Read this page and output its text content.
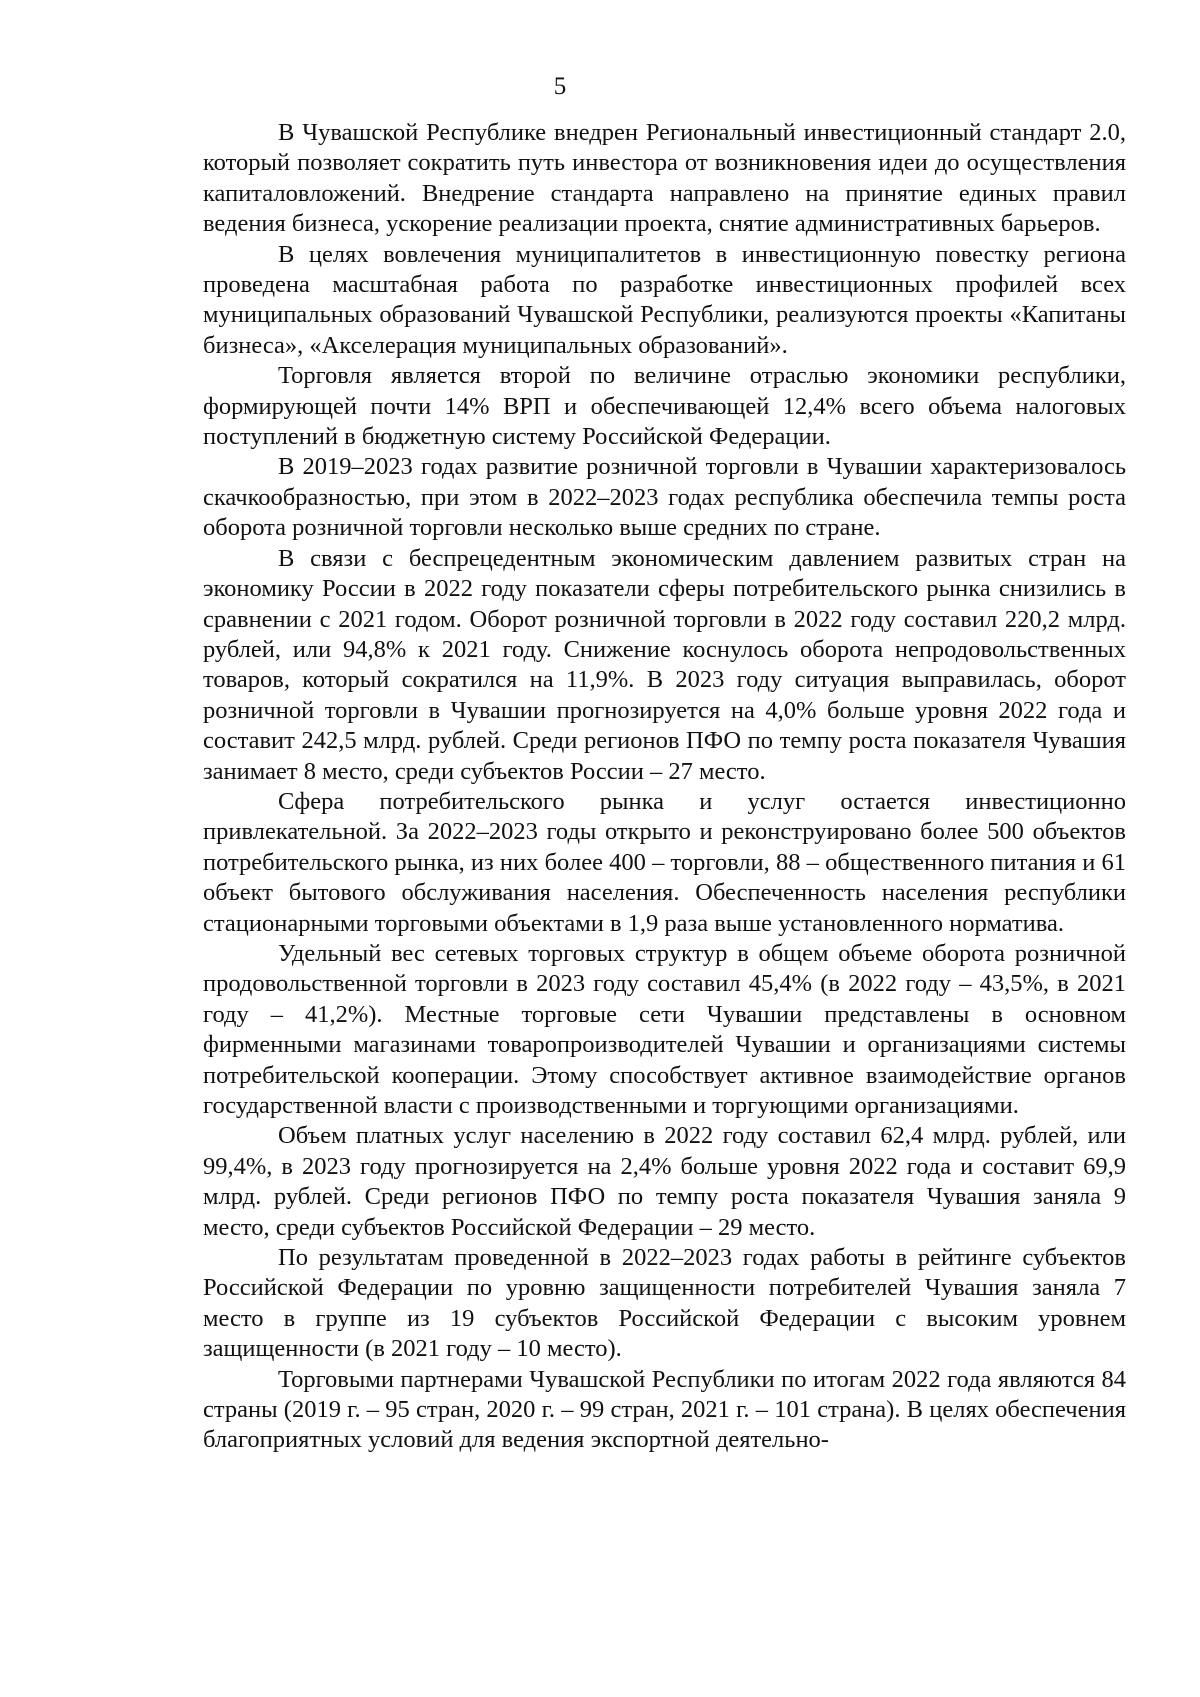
5

В Чувашской Республике внедрен Региональный инвестиционный стандарт 2.0, который позволяет сократить путь инвестора от возникновения идеи до осуществления капиталовложений. Внедрение стандарта направлено на принятие единых правил ведения бизнеса, ускорение реализации проекта, снятие административных барьеров.

В целях вовлечения муниципалитетов в инвестиционную повестку региона проведена масштабная работа по разработке инвестиционных профилей всех муниципальных образований Чувашской Республики, реализуются проекты «Капитаны бизнеса», «Акселерация муниципальных образований».

Торговля является второй по величине отраслью экономики республики, формирующей почти 14% ВРП и обеспечивающей 12,4% всего объема налоговых поступлений в бюджетную систему Российской Федерации.

В 2019–2023 годах развитие розничной торговли в Чувашии характеризовалось скачкообразностью, при этом в 2022–2023 годах республика обеспечила темпы роста оборота розничной торговли несколько выше средних по стране.

В связи с беспрецедентным экономическим давлением развитых стран на экономику России в 2022 году показатели сферы потребительского рынка снизились в сравнении с 2021 годом. Оборот розничной торговли в 2022 году составил 220,2 млрд. рублей, или 94,8% к 2021 году. Снижение коснулось оборота непродовольственных товаров, который сократился на 11,9%. В 2023 году ситуация выправилась, оборот розничной торговли в Чувашии прогнозируется на 4,0% больше уровня 2022 года и составит 242,5 млрд. рублей. Среди регионов ПФО по темпу роста показателя Чувашия занимает 8 место, среди субъектов России – 27 место.

Сфера потребительского рынка и услуг остается инвестиционно привлекательной. За 2022–2023 годы открыто и реконструировано более 500 объектов потребительского рынка, из них более 400 – торговли, 88 – общественного питания и 61 объект бытового обслуживания населения. Обеспеченность населения республики стационарными торговыми объектами в 1,9 раза выше установленного норматива.

Удельный вес сетевых торговых структур в общем объеме оборота розничной продовольственной торговли в 2023 году составил 45,4% (в 2022 году – 43,5%, в 2021 году – 41,2%). Местные торговые сети Чувашии представлены в основном фирменными магазинами товаропроизводителей Чувашии и организациями системы потребительской кооперации. Этому способствует активное взаимодействие органов государственной власти с производственными и торгующими организациями.

Объем платных услуг населению в 2022 году составил 62,4 млрд. рублей, или 99,4%, в 2023 году прогнозируется на 2,4% больше уровня 2022 года и составит 69,9 млрд. рублей. Среди регионов ПФО по темпу роста показателя Чувашия заняла 9 место, среди субъектов Российской Федерации – 29 место.

По результатам проведенной в 2022–2023 годах работы в рейтинге субъектов Российской Федерации по уровню защищенности потребителей Чувашия заняла 7 место в группе из 19 субъектов Российской Федерации с высоким уровнем защищенности (в 2021 году – 10 место).

Торговыми партнерами Чувашской Республики по итогам 2022 года являются 84 страны (2019 г. – 95 стран, 2020 г. – 99 стран, 2021 г. – 101 страна). В целях обеспечения благоприятных условий для ведения экспортной деятельно-
